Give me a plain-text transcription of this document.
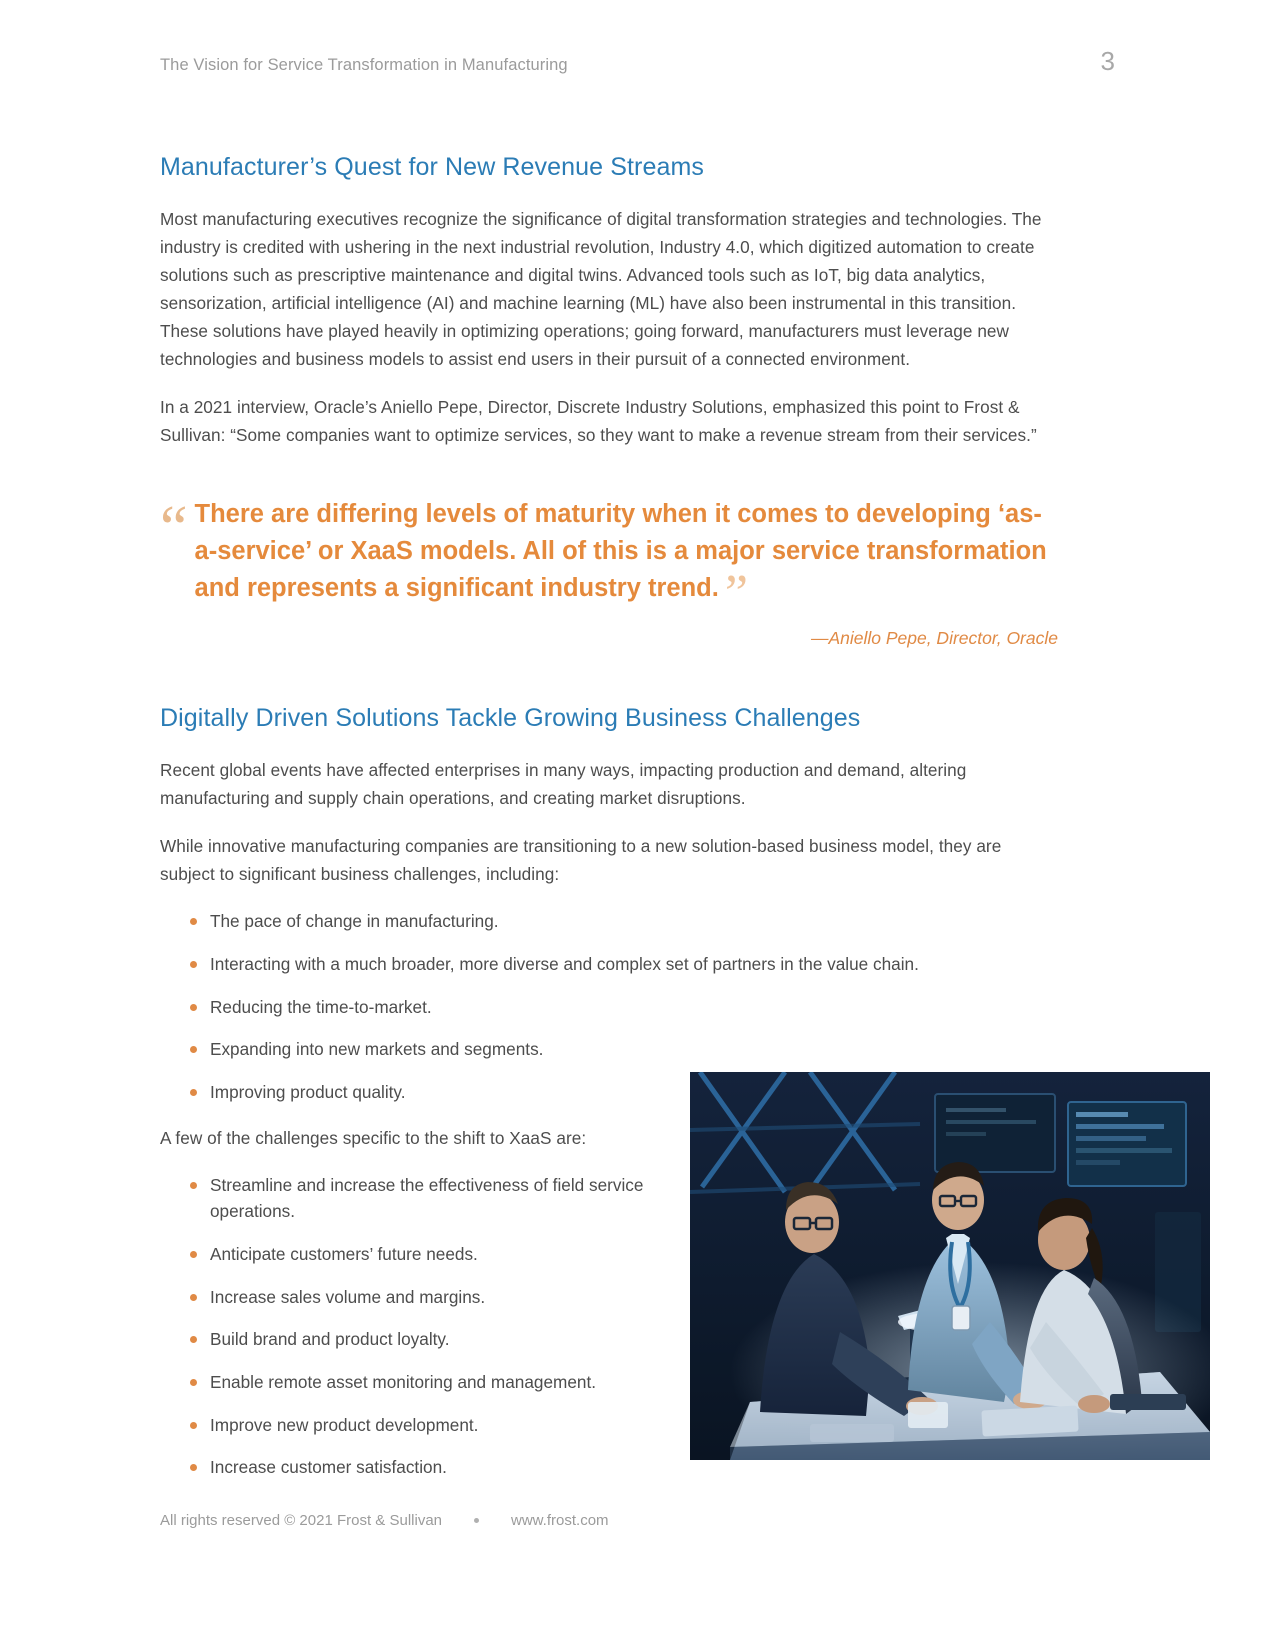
The Vision for Service Transformation in Manufacturing	3
Manufacturer’s Quest for New Revenue Streams

Most manufacturing executives recognize the significance of digital transformation strategies and technologies. The industry is credited with ushering in the next industrial revolution, Industry 4.0, which digitized automation to create solutions such as prescriptive maintenance and digital twins. Advanced tools such as IoT, big data analytics, sensorization, artificial intelligence (AI) and machine learning (ML) have also been instrumental in this transition. These solutions have played heavily in optimizing operations; going forward, manufacturers must leverage new technologies and business models to assist end users in their pursuit of a connected environment.

In a 2021 interview, Oracle’s Aniello Pepe, Director, Discrete Industry Solutions, emphasized this point to Frost & Sullivan: “Some companies want to optimize services, so they want to make a revenue stream from their services.”

“ There are differing levels of maturity when it comes to developing ‘as-a-service’ or XaaS models. All of this is a major service transformation and represents a significant industry trend. ”
—Aniello Pepe, Director, Oracle
Digitally Driven Solutions Tackle Growing Business Challenges

Recent global events have affected enterprises in many ways, impacting production and demand, altering manufacturing and supply chain operations, and creating market disruptions.

While innovative manufacturing companies are transitioning to a new solution-based business model, they are subject to significant business challenges, including:

The pace of change in manufacturing.
Interacting with a much broader, more diverse and complex set of partners in the value chain.
Reducing the time-to-market.
Expanding into new markets and segments.
Improving product quality.

A few of the challenges specific to the shift to XaaS are:

Streamline and increase the effectiveness of field service operations.
Anticipate customers’ future needs.
Increase sales volume and margins.
Build brand and product loyalty.
Enable remote asset monitoring and management.
Improve new product development.
Increase customer satisfaction.
All rights reserved © 2021 Frost & Sullivan	www.frost.com
